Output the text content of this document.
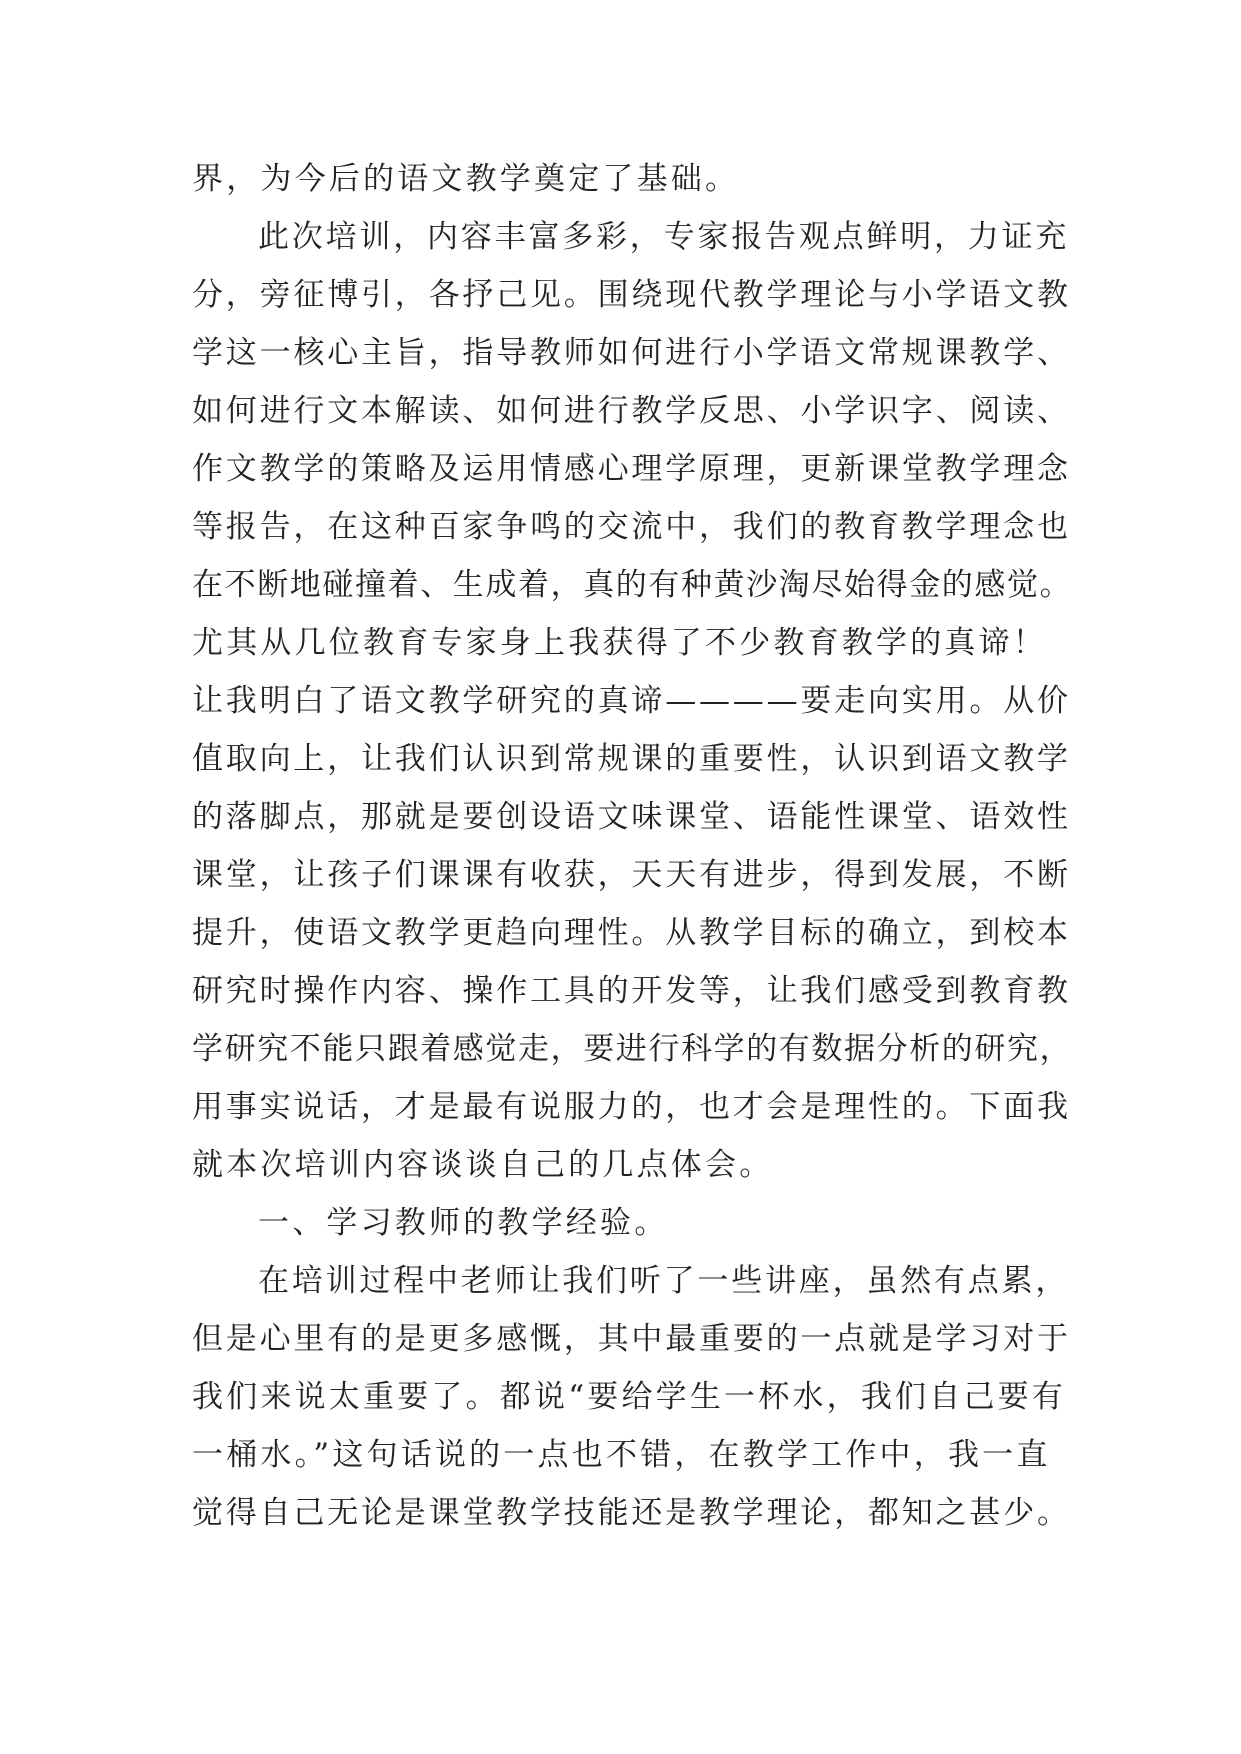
界，为今后的语文教学奠定了基础。

此次培训，内容丰富多彩，专家报告观点鲜明，力证充

分，旁征博引，各抒己见。围绕现代教学理论与小学语文教

学这一核心主旨，指导教师如何进行小学语文常规课教学、

如何进行文本解读、如何进行教学反思、小学识字、阅读、

作文教学的策略及运用情感心理学原理，更新课堂教学理念

等报告，在这种百家争鸣的交流中，我们的教育教学理念也

在不断地碰撞着、生成着，真的有种黄沙淘尽始得金的感觉。

尤其从几位教育专家身上我获得了不少教育教学的真谛！

让我明白了语文教学研究的真谛————要走向实用。从价

值取向上，让我们认识到常规课的重要性，认识到语文教学

的落脚点，那就是要创设语文味课堂、语能性课堂、语效性

课堂，让孩子们课课有收获，天天有进步，得到发展，不断

提升，使语文教学更趋向理性。从教学目标的确立，到校本

研究时操作内容、操作工具的开发等，让我们感受到教育教

学研究不能只跟着感觉走，要进行科学的有数据分析的研究，

用事实说话，才是最有说服力的，也才会是理性的。下面我

就本次培训内容谈谈自己的几点体会。

一、学习教师的教学经验。

在培训过程中老师让我们听了一些讲座，虽然有点累，

但是心里有的是更多感慨，其中最重要的一点就是学习对于

我们来说太重要了。都说“要给学生一杯水，我们自己要有

一桶水。”这句话说的一点也不错，在教学工作中，我一直

觉得自己无论是课堂教学技能还是教学理论，都知之甚少。
